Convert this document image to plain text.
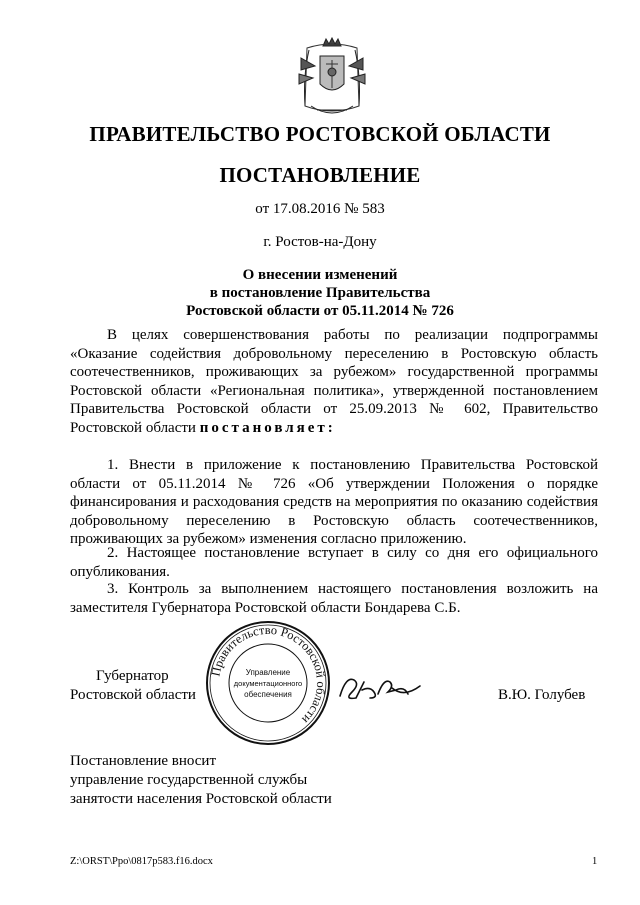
ПРАВИТЕЛЬСТВО РОСТОВСКОЙ ОБЛАСТИ
ПОСТАНОВЛЕНИЕ
от 17.08.2016 № 583
г. Ростов-на-Дону
О внесении изменений
в постановление Правительства
Ростовской области от 05.11.2014 № 726

В целях совершенствования работы по реализации подпрограммы «Оказание содействия добровольному переселению в Ростовскую область соотечественников, проживающих за рубежом» государственной программы Ростовской области «Региональная политика», утвержденной постановлением Правительства Ростовской области от 25.09.2013 № 602, Правительство Ростовской области постановляет:

1. Внести в приложение к постановлению Правительства Ростовской области от 05.11.2014 № 726 «Об утверждении Положения о порядке финансирования и расходования средств на мероприятия по оказанию содействия добровольному переселению в Ростовскую область соотечественников, проживающих за рубежом» изменения согласно приложению.

2. Настоящее постановление вступает в силу со дня его официального опубликования.

3. Контроль за выполнением настоящего постановления возложить на заместителя Губернатора Ростовской области Бондарева С.Б.

Губернатор
Ростовской области
Правительство Ростовской области
Управление
документационного
обеспечения	В.Ю. Голубев
Постановление вносит
управление государственной службы
занятости населения Ростовской области
Z:\ORST\Ppo\0817p583.f16.docx	1
